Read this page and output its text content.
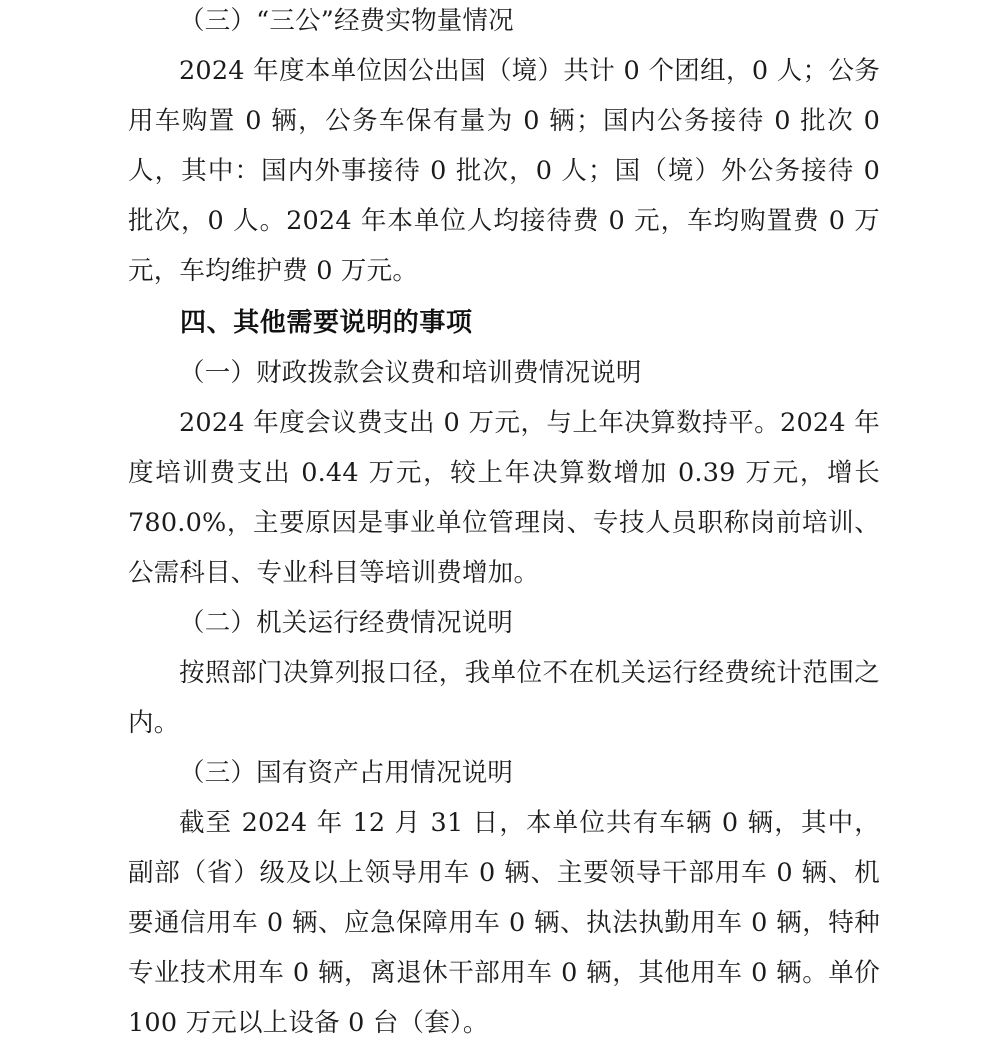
（三）“三公”经费实物量情况
2024 年度本单位因公出国（境）共计 0 个团组，0 人；公务用车购置 0 辆，公务车保有量为 0 辆；国内公务接待 0 批次 0 人，其中：国内外事接待 0 批次，0 人；国（境）外公务接待 0 批次，0 人。2024 年本单位人均接待费 0 元，车均购置费 0 万元，车均维护费 0 万元。
四、其他需要说明的事项
（一）财政拨款会议费和培训费情况说明
2024 年度会议费支出 0 万元，与上年决算数持平。2024 年度培训费支出 0.44 万元，较上年决算数增加 0.39 万元，增长 780.0%，主要原因是事业单位管理岗、专技人员职称岗前培训、公需科目、专业科目等培训费增加。
（二）机关运行经费情况说明
按照部门决算列报口径，我单位不在机关运行经费统计范围之内。
（三）国有资产占用情况说明
截至 2024 年 12 月 31 日，本单位共有车辆 0 辆，其中，副部（省）级及以上领导用车 0 辆、主要领导干部用车 0 辆、机要通信用车 0 辆、应急保障用车 0 辆、执法执勤用车 0 辆，特种专业技术用车 0 辆，离退休干部用车 0 辆，其他用车 0 辆。单价 100 万元以上设备 0 台（套）。
